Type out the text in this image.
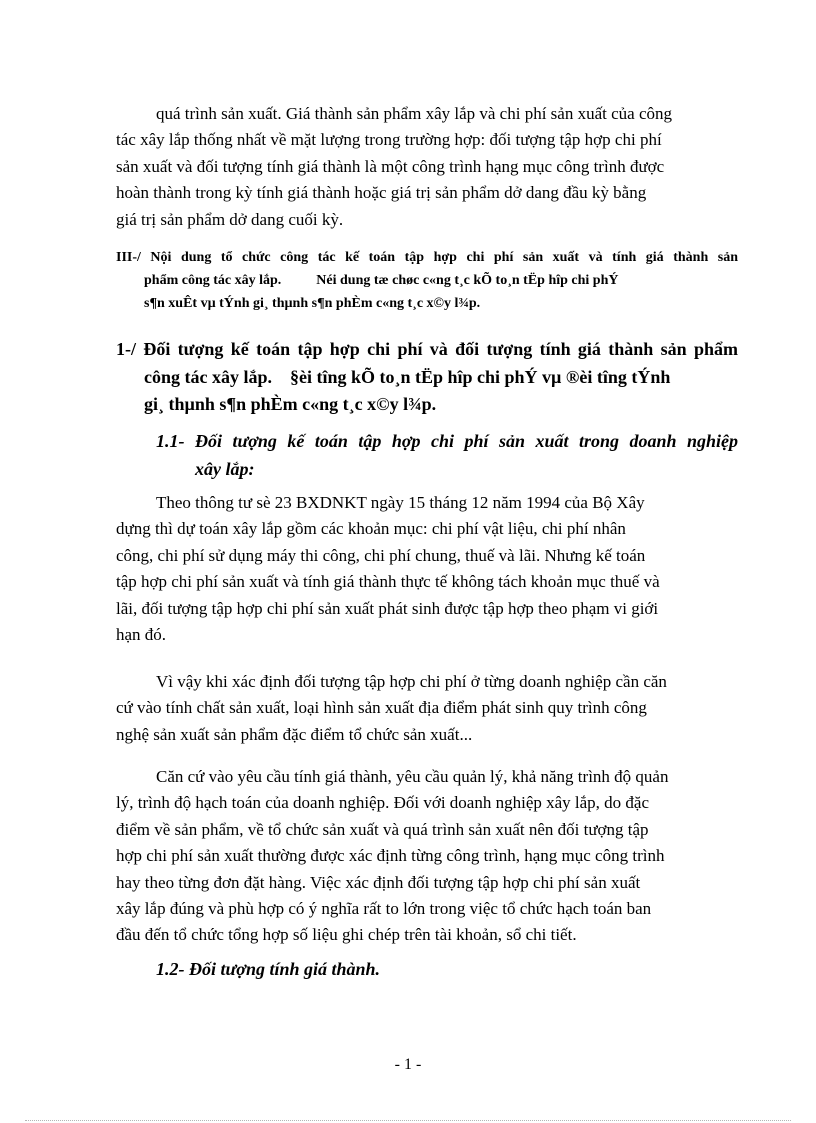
quá trình sản xuất. Giá thành sản phẩm xây lắp và chi phí sản xuất của công

tác xây lắp thống nhất về mặt lượng trong trường hợp: đối tượng tập hợp chi phí

sản xuất và đối tượng tính giá thành là một công trình hạng mục công trình được

hoàn thành trong kỳ tính giá thành hoặc giá trị sản phẩm dở dang đầu kỳ bằng

giá trị sản phẩm dở dang cuối kỳ.

III-/ Nội dung tổ chức công tác kế toán tập hợp chi phí sản xuất và tính giá thành sản
phẩm công tác xây lắp.          Néi dung tæ chøc c«ng t¸c kÕ to¸n tËp hîp chi phÝ
s¶n xuÊt vµ tÝnh gi¸ thµnh s¶n phÈm c«ng t¸c x©y l¾p.
1-/ Đối tượng kế toán tập hợp chi phí và đối tượng tính giá thành sản phẩm
công tác xây lắp.    §èi tîng kÕ to¸n tËp hîp chi phÝ vµ ®èi tîng tÝnh
gi¸ thµnh s¶n phÈm c«ng t¸c x©y l¾p.
1.1- Đối tượng kế toán tập hợp chi phí sản xuất trong doanh nghiệp
xây lắp:

Theo thông tư sè 23 BXDNKT ngày 15 tháng 12 năm 1994 của Bộ Xây

dựng thì dự toán xây lắp gồm các khoản mục: chi phí vật liệu, chi phí nhân

công, chi phí sử dụng máy thi công, chi phí chung, thuế và lãi. Nhưng kế toán

tập hợp chi phí sản xuất và tính giá thành thực tế không tách khoản mục thuế và

lãi, đối tượng tập hợp chi phí sản xuất phát sinh được tập hợp theo phạm vi giới

hạn đó.

Vì vậy khi xác định đối tượng tập hợp chi phí ở từng doanh nghiệp cần căn

cứ vào tính chất sản xuất, loại hình sản xuất địa điểm phát sinh quy trình công

nghệ sản xuất sản phẩm đặc điểm tổ chức sản xuất...

Căn cứ vào yêu cầu tính giá thành, yêu cầu quản lý, khả năng trình độ quản

lý, trình độ hạch toán của doanh nghiệp. Đối với doanh nghiệp xây lắp, do đặc

điểm về sản phẩm, về tổ chức sản xuất và quá trình sản xuất nên đối tượng tập

hợp chi phí sản xuất thường được xác định từng công trình, hạng mục công trình

hay theo từng đơn đặt hàng. Việc xác định đối tượng tập hợp chi phí sản xuất

xây lắp đúng và phù hợp có ý nghĩa rất to lớn trong việc tổ chức hạch toán ban

đầu đến tổ chức tổng hợp số liệu ghi chép trên tài khoản, sổ chi tiết.

1.2- Đối tượng tính giá thành.
- 1 -
